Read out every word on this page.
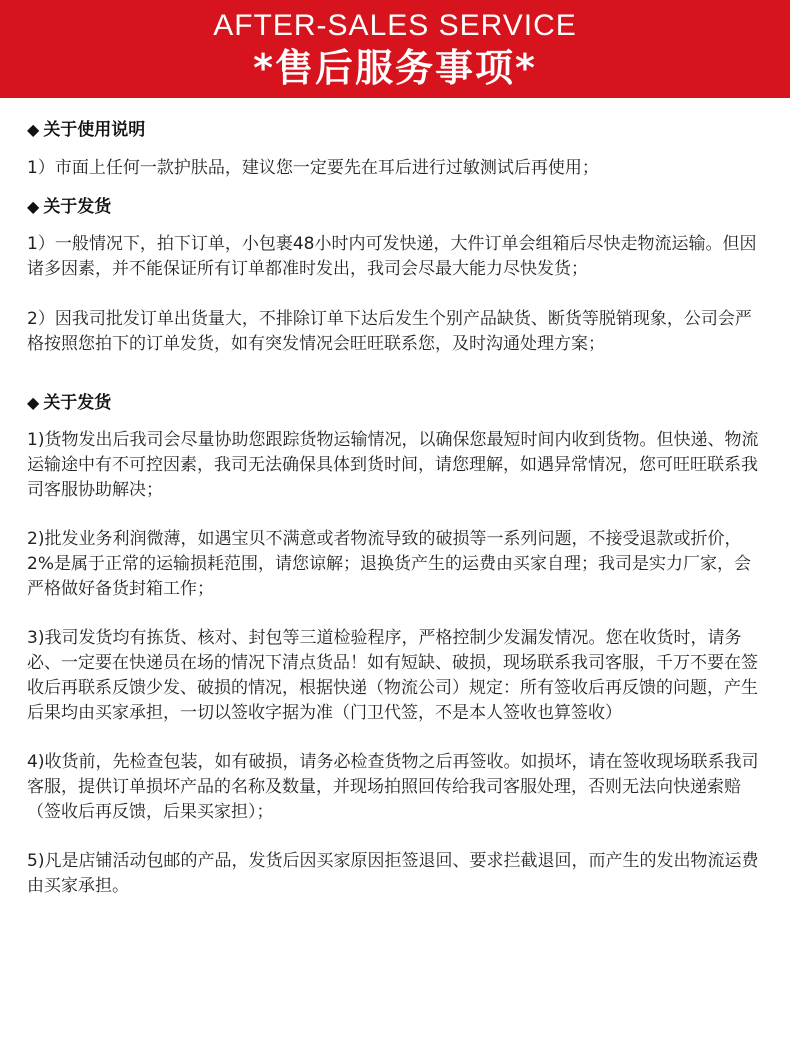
AFTER-SALES SERVICE
*售后服务事项*
◆ 关于使用说明

1）市面上任何一款护肤品，建议您一定要先在耳后进行过敏测试后再使用；

◆ 关于发货

1）一般情况下，拍下订单，小包裹48小时内可发快递，大件订单会组箱后尽快走物流运输。但因诸多因素，并不能保证所有订单都准时发出，我司会尽最大能力尽快发货；

2）因我司批发订单出货量大，不排除订单下达后发生个别产品缺货、断货等脱销现象，公司会严格按照您拍下的订单发货，如有突发情况会旺旺联系您，及时沟通处理方案；

◆ 关于发货

1)货物发出后我司会尽量协助您跟踪货物运输情况，以确保您最短时间内收到货物。但快递、物流运输途中有不可控因素，我司无法确保具体到货时间，请您理解，如遇异常情况，您可旺旺联系我司客服协助解决；

2)批发业务利润微薄，如遇宝贝不满意或者物流导致的破损等一系列问题，不接受退款或折价，2%是属于正常的运输损耗范围，请您谅解；退换货产生的运费由买家自理；我司是实力厂家，会严格做好备货封箱工作；

3)我司发货均有拣货、核对、封包等三道检验程序，严格控制少发漏发情况。您在收货时，请务必、一定要在快递员在场的情况下清点货品！如有短缺、破损，现场联系我司客服，千万不要在签收后再联系反馈少发、破损的情况，根据快递（物流公司）规定：所有签收后再反馈的问题，产生后果均由买家承担，一切以签收字据为准（门卫代签，不是本人签收也算签收）

4)收货前，先检查包装，如有破损，请务必检查货物之后再签收。如损坏，请在签收现场联系我司客服，提供订单损坏产品的名称及数量，并现场拍照回传给我司客服处理，否则无法向快递索赔（签收后再反馈，后果买家担）；

5)凡是店铺活动包邮的产品，发货后因买家原因拒签退回、要求拦截退回，而产生的发出物流运费由买家承担。
